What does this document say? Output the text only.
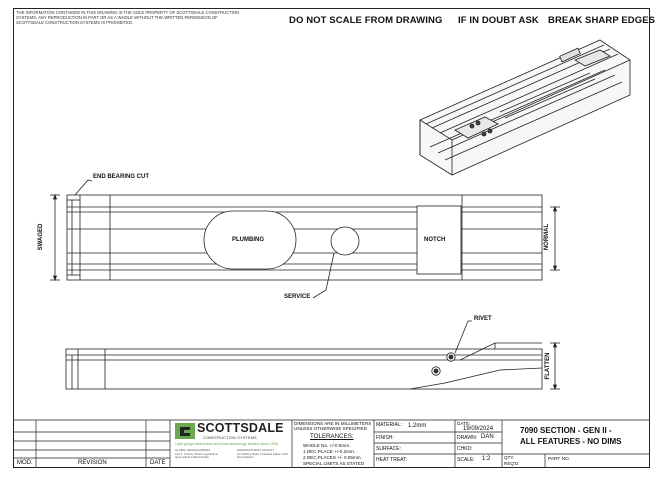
THE INFORMATION CONTAINED IN THIS DRAWING IS THE SOLE PROPERTY OF SCOTTSDALE CONSTRUCTION SYSTEMS. ANY REPRODUCTION IN PART OR AS A WHOLE WITHOUT THE WRITTEN PERMISSION OF SCOTTSDALE CONSTRUCTION SYSTEMS IS PROHIBITED.	DO NOT SCALE FROM DRAWING IF IN DOUBT ASK BREAK SHARP EDGES
END BEARING CUT
PLUMBING	NOTCH
SERVICE
SWAGED	NORMAL
RIVET
FLATTEN
MOD.	REVISION	DATE
SCOTTSDALE
CONSTRUCTION SYSTEMS
Light gauge steel frame and truss technology leaders since 1996
GLOBAL HEADQUARTERS
Unit 4, 5 Henry Street Loganholme Queensland 4129 Australia
MANUFACTURING FACILITY
11 Carlbury Road, Onekawa Napier 4110 New Zealand
DIMENSIONS ARE IN MILLIMETERS UNLESS OTHERWISE SPECIFIED
TOLERANCES:
WHOLE No. +/-0.5mm.
1 DEC.PLACE +/-0.2mm.
2 DEC.PLACES +/- 0.05mm.
SPECIAL LIMITS AS STATED
MATERIAL: 1.2mm
FINISH:
SURFACE:
HEAT TREAT:
DATE:
19/09/2024
DRAWN: DAN
CHKD:
SCALE: 1:2
7090 SECTION - GEN II -
ALL FEATURES - NO DIMS
QTY.
REQ'D:
PART NO.
